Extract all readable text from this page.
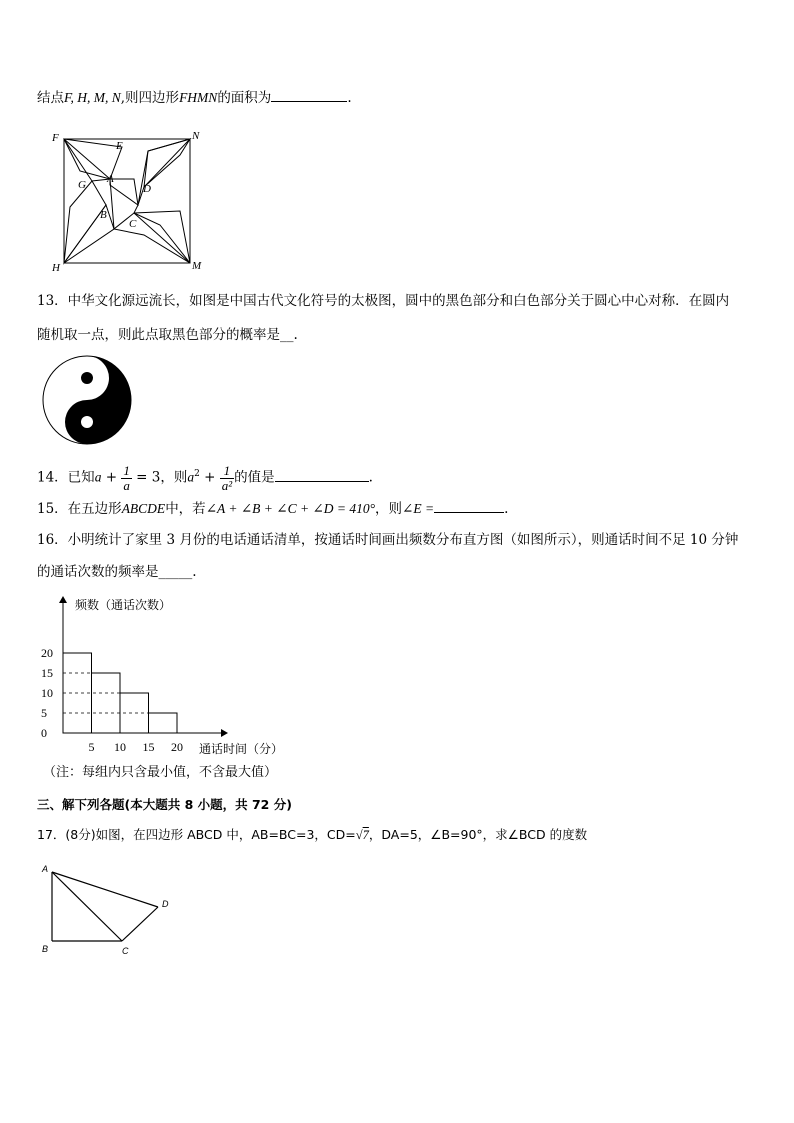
结点F, H, M, N,则四边形FHMN的面积为	.
F	N
H	M
E
G A
D
B
C
13．中华文化源远流长，如图是中国古代文化符号的太极图，圆中的黑色部分和白色部分关于圆心中心对称．在圆内
随机取一点，则此点取黑色部分的概率是__.
14．已知$a + \frac{1}{a} = 3$，则$a^2 + \frac{1}{\text{a²}}$ 的值是	.
15．在五边形ABCDE中，若∠A + ∠B + ∠C + ∠D = 410°，则∠E =	.
16．小明统计了家里 3 月份的电话通话清单，按通话时间画出频数分布直方图（如图所示），则通话时间不足 10 分钟
的通话次数的频率是_____.
频数（通话次数）
通话时间（分）
20
15
10
5
0
5 10 15 20
（注：每组内只含最小值，不含最大值）
三、解下列各题(本大题共 8 小题，共 72 分)
17．(8分)如图，在四边形 ABCD 中，AB=BC=3，CD=√7，DA=5，∠B=90°，求∠BCD 的度数
A
B	C
D
